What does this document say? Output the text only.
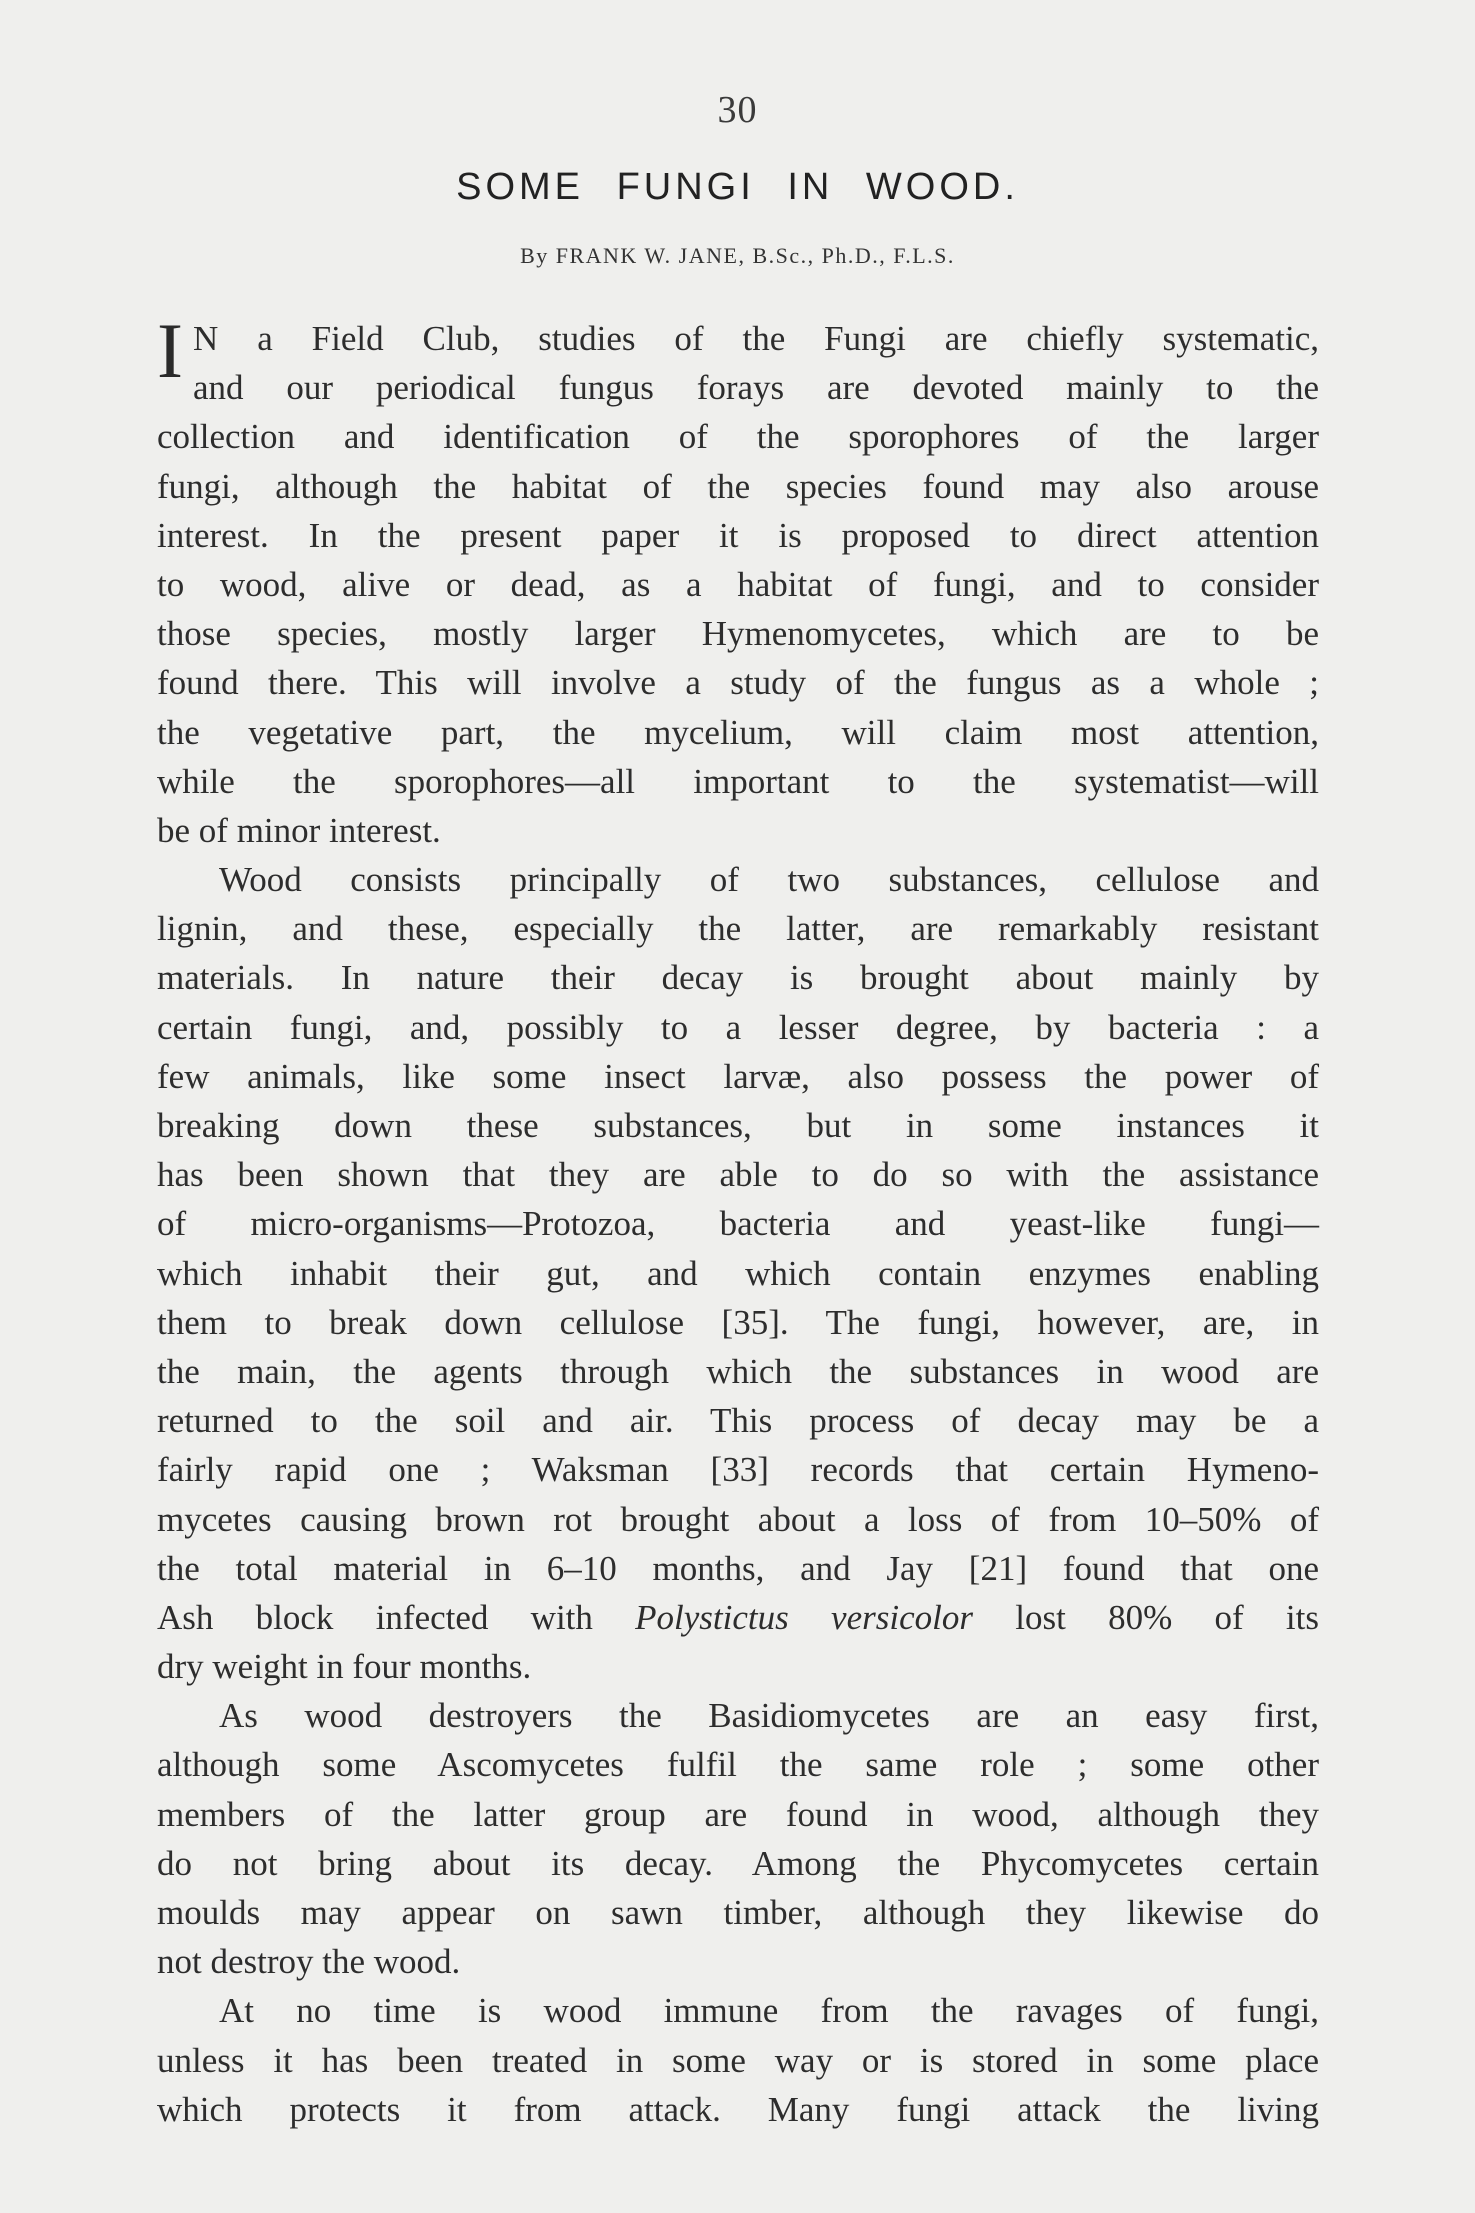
30
SOME FUNGI IN WOOD.
By FRANK W. JANE, B.Sc., Ph.D., F.L.S.
I N a Field Club, studies of the Fungi are chiefly systematic,
and our periodical fungus forays are devoted mainly to the
collection and identification of the sporophores of the larger
fungi, although the habitat of the species found may also arouse
interest. In the present paper it is proposed to direct attention
to wood, alive or dead, as a habitat of fungi, and to consider
those species, mostly larger Hymenomycetes, which are to be
found there. This will involve a study of the fungus as a whole ;
the vegetative part, the mycelium, will claim most attention,
while the sporophores—all important to the systematist—will
be of minor interest.
Wood consists principally of two substances, cellulose and
lignin, and these, especially the latter, are remarkably resistant
materials. In nature their decay is brought about mainly by
certain fungi, and, possibly to a lesser degree, by bacteria : a
few animals, like some insect larvæ, also possess the power of
breaking down these substances, but in some instances it
has been shown that they are able to do so with the assistance
of micro-organisms—Protozoa, bacteria and yeast-like fungi—
which inhabit their gut, and which contain enzymes enabling
them to break down cellulose [35]. The fungi, however, are, in
the main, the agents through which the substances in wood are
returned to the soil and air. This process of decay may be a
fairly rapid one ; Waksman [33] records that certain Hymeno-
mycetes causing brown rot brought about a loss of from 10–50% of
the total material in 6–10 months, and Jay [21] found that one
Ash block infected with Polystictus versicolor lost 80% of its
dry weight in four months.
As wood destroyers the Basidiomycetes are an easy first,
although some Ascomycetes fulfil the same role ; some other
members of the latter group are found in wood, although they
do not bring about its decay. Among the Phycomycetes certain
moulds may appear on sawn timber, although they likewise do
not destroy the wood.
At no time is wood immune from the ravages of fungi,
unless it has been treated in some way or is stored in some place
which protects it from attack. Many fungi attack the living
